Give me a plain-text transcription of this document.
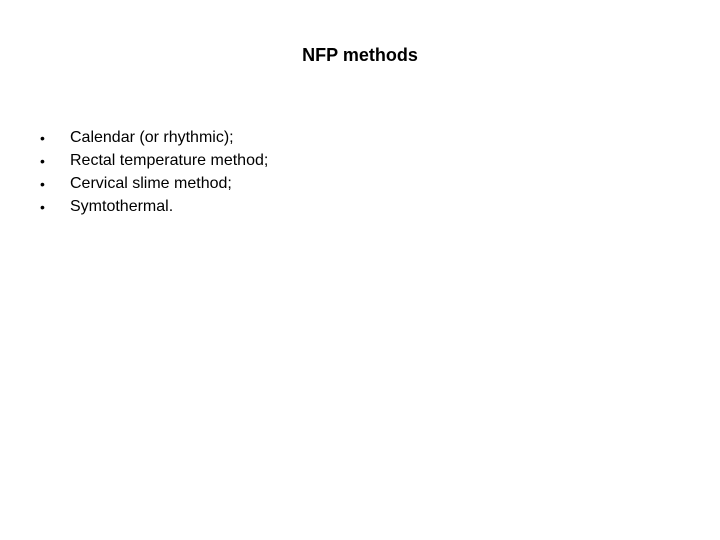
NFP methods
•	Calendar (or rhythmic);
•	Rectal temperature method;
•	Cervical slime method;
•	Symtothermal.
